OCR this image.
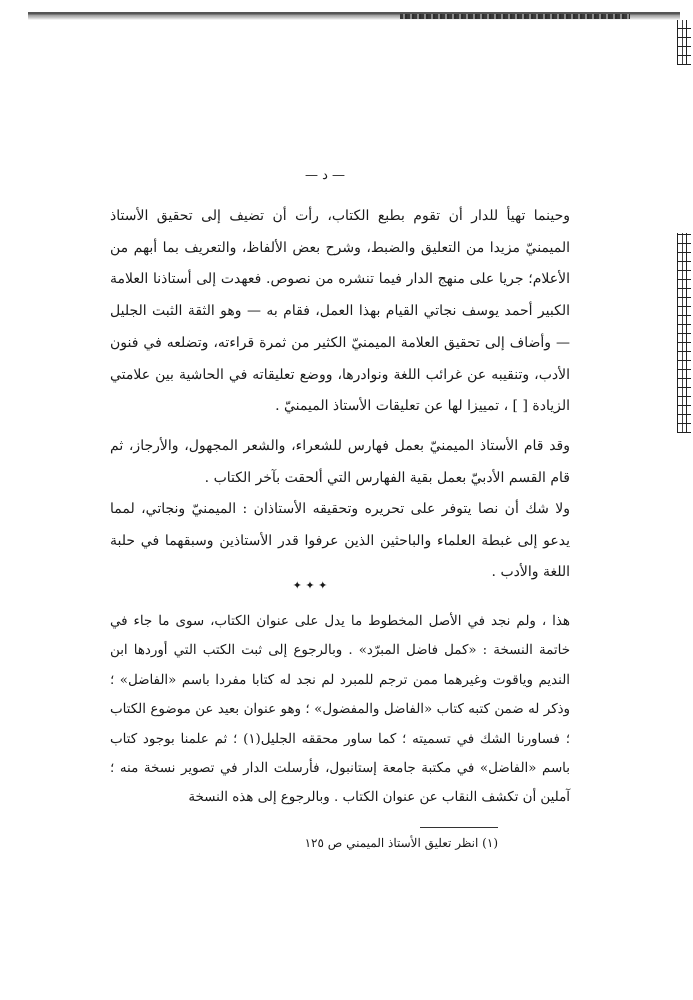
— د —

وحينما تهيأ للدار أن تقوم بطبع الكتاب، رأت أن تضيف إلى تحقيق الأستاذ الميمنيّ مزيدا من التعليق والضبط، وشرح بعض الألفاظ، والتعريف بما أبهم من الأعلام؛ جريا على منهج الدار فيما تنشره من نصوص. فعهدت إلى أستاذنا العلامة الكبير أحمد يوسف نجاتي القيام بهذا العمل، فقام به — وهو الثقة الثبت الجليل — وأضاف إلى تحقيق العلامة الميمنيّ الكثير من ثمرة قراءته، وتضلعه في فنون الأدب، وتنقيبه عن غرائب اللغة ونوادرها، ووضع تعليقاته في الحاشية بين علامتي الزيادة [ ] ، تمييزا لها عن تعليقات الأستاذ الميمنيّ .

وقد قام الأستاذ الميمنيّ بعمل فهارس للشعراء، والشعر المجهول، والأرجاز، ثم قام القسم الأدبيّ بعمل بقية الفهارس التي ألحقت بآخر الكتاب .

ولا شك أن نصا يتوفر على تحريره وتحقيقه الأستاذان : الميمنيّ ونجاتي، لمما يدعو إلى غبطة العلماء والباحثين الذين عرفوا قدر الأستاذين وسبقهما في حلبة اللغة والأدب .

✦ ✦ ✦

هذا ، ولم نجد في الأصل المخطوط ما يدل على عنوان الكتاب، سوى ما جاء في خاتمة النسخة : «كمل فاضل المبرّد» . وبالرجوع إلى ثبت الكتب التي أوردها ابن النديم وياقوت وغيرهما ممن ترجم للمبرد لم نجد له كتابا مفردا باسم «الفاضل» ؛ وذكر له ضمن كتبه كتاب «الفاضل والمفضول» ؛ وهو عنوان بعيد عن موضوع الكتاب ؛ فساورنا الشك في تسميته ؛ كما ساور محققه الجليل(١) ؛ ثم علمنا بوجود كتاب باسم «الفاضل» في مكتبة جامعة إستانبول، فأرسلت الدار في تصوير نسخة منه ؛ آملين أن تكشف النقاب عن عنوان الكتاب . وبالرجوع إلى هذه النسخة

(١) انظر تعليق الأستاذ الميمني ص ١٢٥
